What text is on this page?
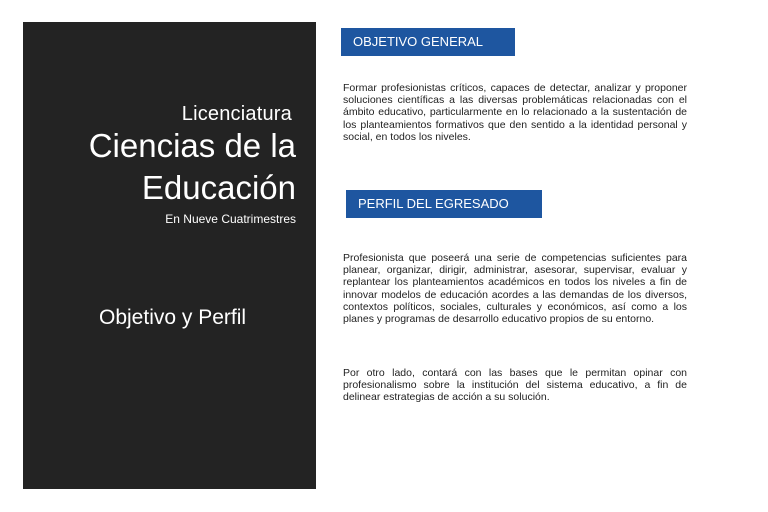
Licenciatura
Ciencias de la
Educación
En Nueve Cuatrimestres
Objetivo y Perfil
OBJETIVO GENERAL

Formar profesionistas críticos, capaces de detectar, analizar y proponer soluciones científicas a las diversas problemáticas relacionadas con el ámbito educativo, particularmente en lo relacionado a la sustentación de los planteamientos formativos que den sentido a la identidad personal y social, en todos los niveles.

PERFIL DEL EGRESADO

Profesionista que poseerá una serie de competencias suficientes para planear, organizar, dirigir, administrar, asesorar, supervisar, evaluar y replantear los planteamientos académicos en todos los niveles a fin de innovar modelos de educación acordes a las demandas de los diversos, contextos políticos, sociales, culturales y económicos, así como a los planes y programas de desarrollo educativo propios de su entorno.

Por otro lado, contará con las bases que le permitan opinar con profesionalismo sobre la institución del sistema educativo, a fin de delinear estrategias de acción a su solución.
